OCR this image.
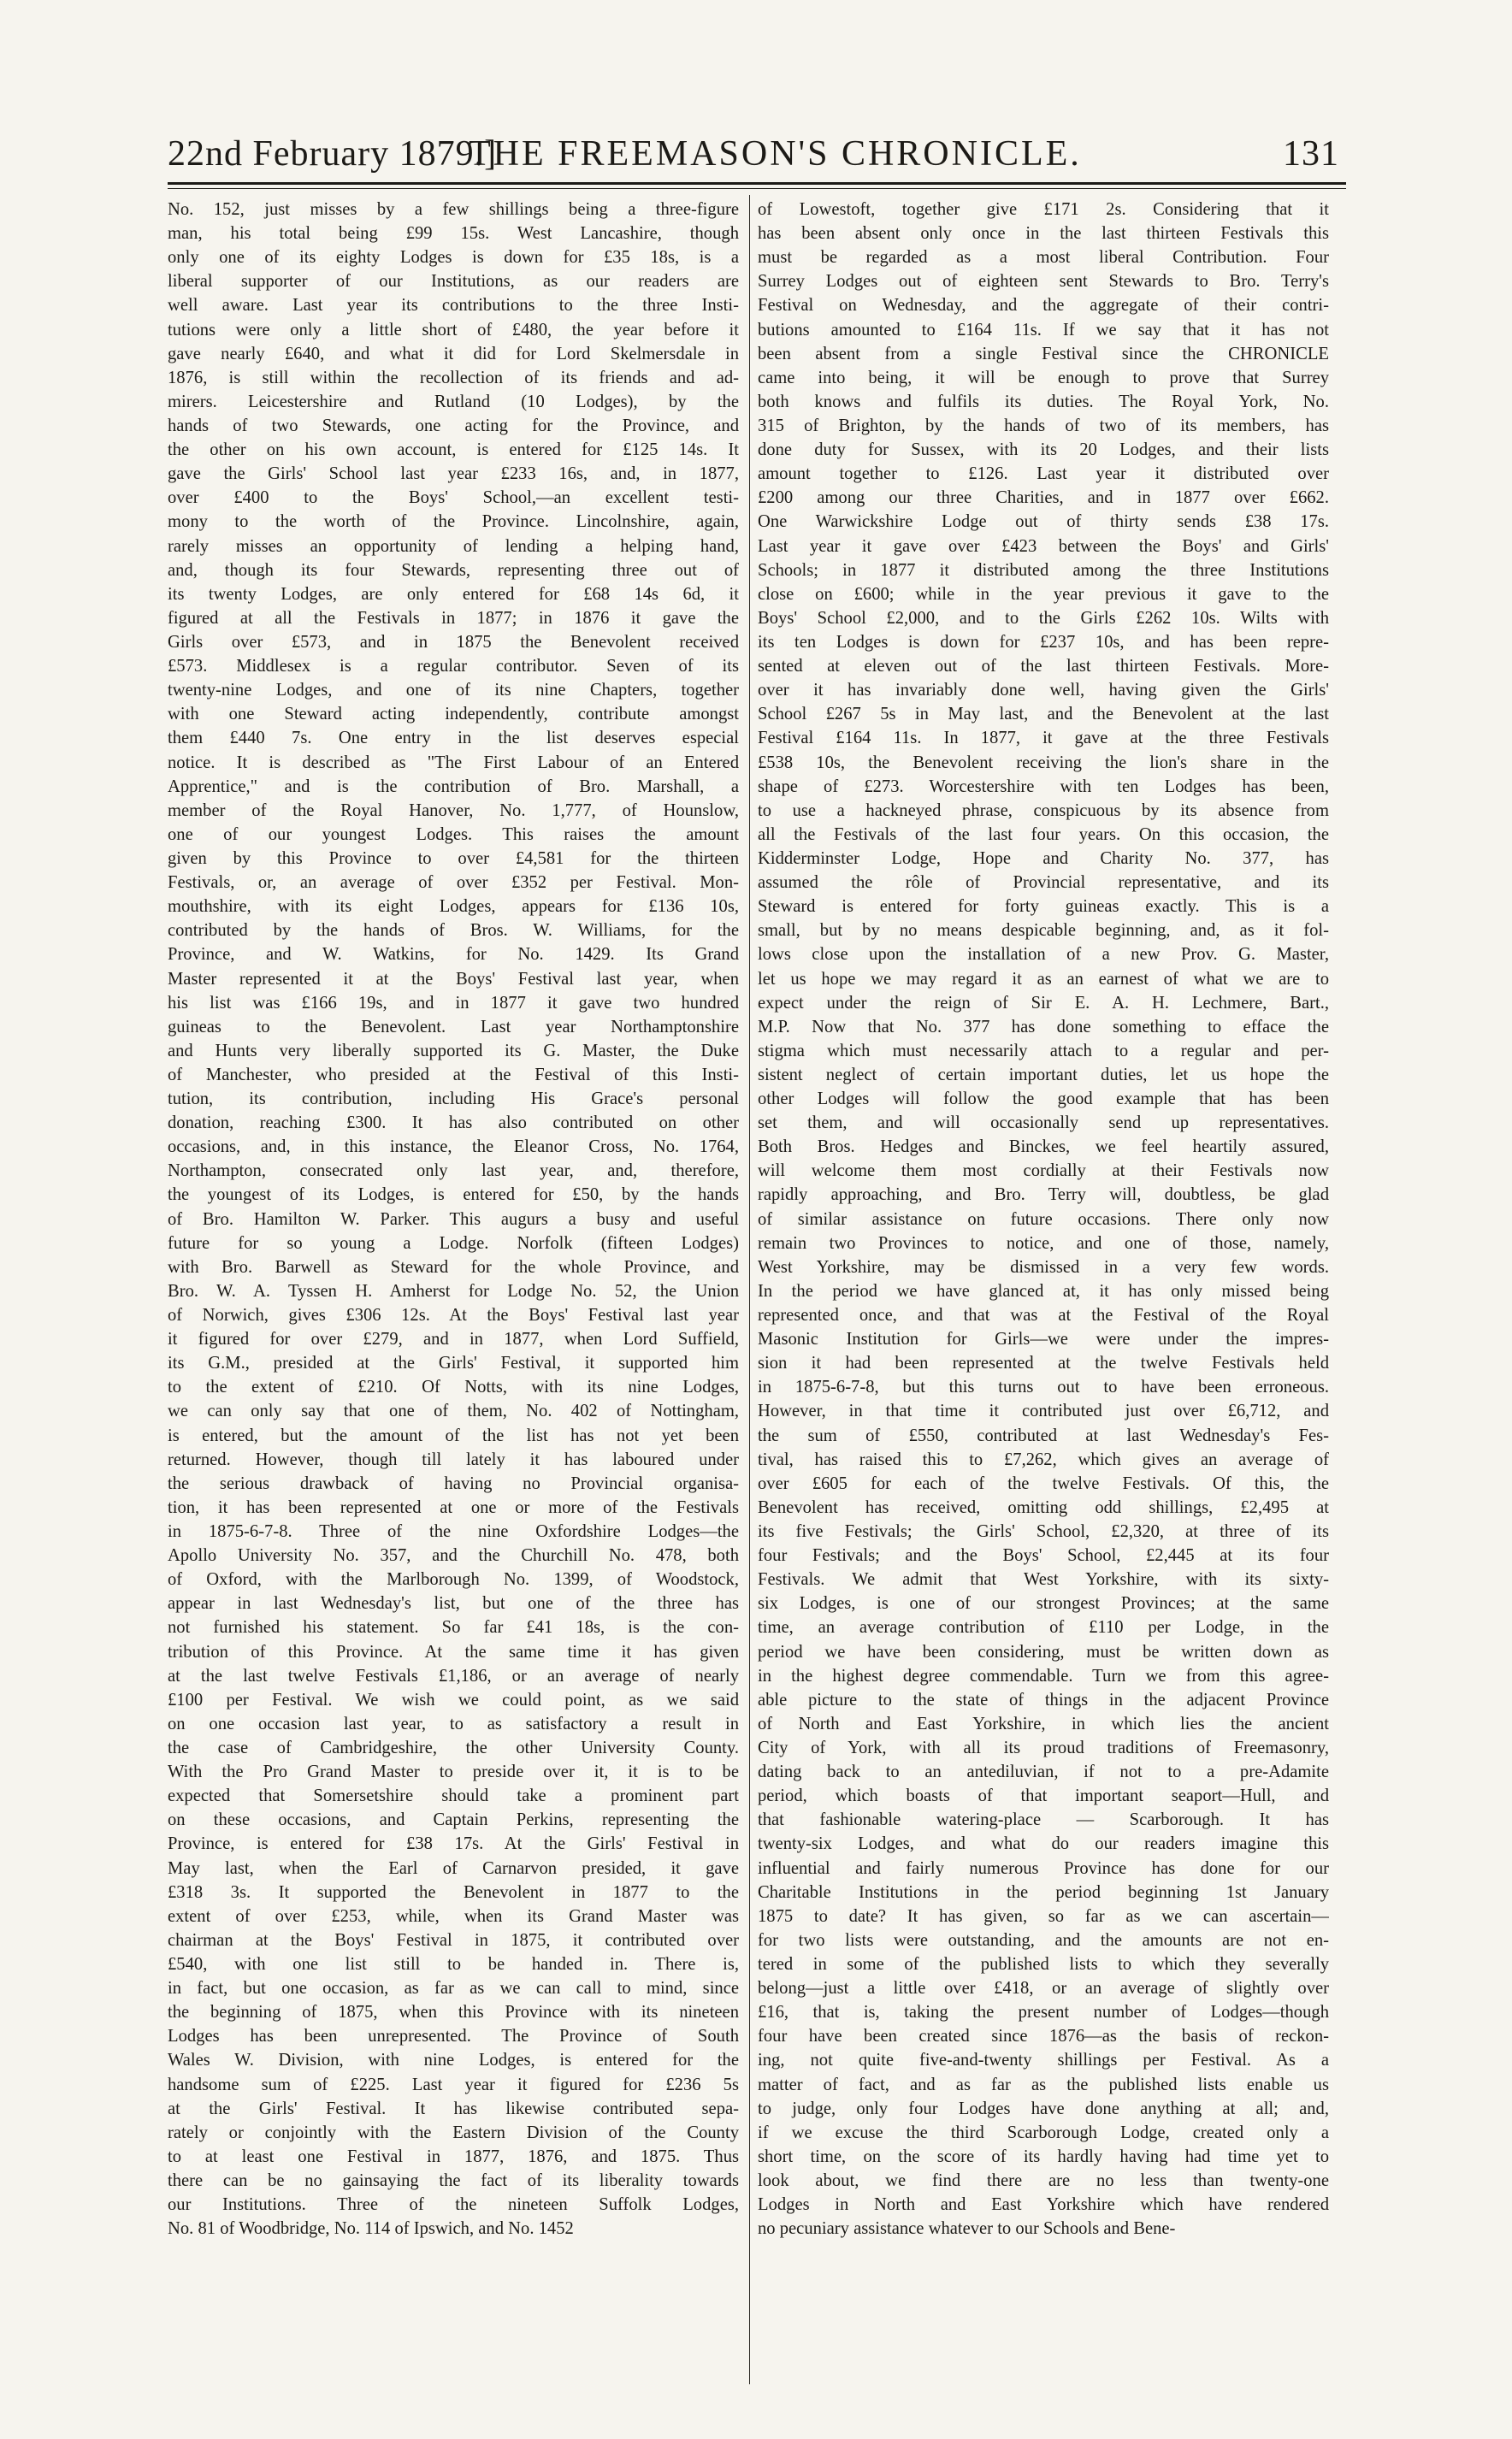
22nd February 1879.]
THE FREEMASON'S CHRONICLE.	131
No. 152, just misses by a few shillings being a three-figure
man, his total being £99 15s. West Lancashire, though
only one of its eighty Lodges is down for £35 18s, is a
liberal supporter of our Institutions, as our readers are
well aware. Last year its contributions to the three Insti-
tutions were only a little short of £480, the year before it
gave nearly £640, and what it did for Lord Skelmersdale in
1876, is still within the recollection of its friends and ad-
mirers. Leicestershire and Rutland (10 Lodges), by the
hands of two Stewards, one acting for the Province, and
the other on his own account, is entered for £125 14s. It
gave the Girls' School last year £233 16s, and, in 1877,
over £400 to the Boys' School,—an excellent testi-
mony to the worth of the Province. Lincolnshire, again,
rarely misses an opportunity of lending a helping hand,
and, though its four Stewards, representing three out of
its twenty Lodges, are only entered for £68 14s 6d, it
figured at all the Festivals in 1877; in 1876 it gave the
Girls over £573, and in 1875 the Benevolent received
£573. Middlesex is a regular contributor. Seven of its
twenty-nine Lodges, and one of its nine Chapters, together
with one Steward acting independently, contribute amongst
them £440 7s. One entry in the list deserves especial
notice. It is described as "The First Labour of an Entered
Apprentice," and is the contribution of Bro. Marshall, a
member of the Royal Hanover, No. 1,777, of Hounslow,
one of our youngest Lodges. This raises the amount
given by this Province to over £4,581 for the thirteen
Festivals, or, an average of over £352 per Festival. Mon-
mouthshire, with its eight Lodges, appears for £136 10s,
contributed by the hands of Bros. W. Williams, for the
Province, and W. Watkins, for No. 1429. Its Grand
Master represented it at the Boys' Festival last year, when
his list was £166 19s, and in 1877 it gave two hundred
guineas to the Benevolent. Last year Northamptonshire
and Hunts very liberally supported its G. Master, the Duke
of Manchester, who presided at the Festival of this Insti-
tution, its contribution, including His Grace's personal
donation, reaching £300. It has also contributed on other
occasions, and, in this instance, the Eleanor Cross, No. 1764,
Northampton, consecrated only last year, and, therefore,
the youngest of its Lodges, is entered for £50, by the hands
of Bro. Hamilton W. Parker. This augurs a busy and useful
future for so young a Lodge. Norfolk (fifteen Lodges)
with Bro. Barwell as Steward for the whole Province, and
Bro. W. A. Tyssen H. Amherst for Lodge No. 52, the Union
of Norwich, gives £306 12s. At the Boys' Festival last year
it figured for over £279, and in 1877, when Lord Suffield,
its G.M., presided at the Girls' Festival, it supported him
to the extent of £210. Of Notts, with its nine Lodges,
we can only say that one of them, No. 402 of Nottingham,
is entered, but the amount of the list has not yet been
returned. However, though till lately it has laboured under
the serious drawback of having no Provincial organisa-
tion, it has been represented at one or more of the Festivals
in 1875-6-7-8. Three of the nine Oxfordshire Lodges—the
Apollo University No. 357, and the Churchill No. 478, both
of Oxford, with the Marlborough No. 1399, of Woodstock,
appear in last Wednesday's list, but one of the three has
not furnished his statement. So far £41 18s, is the con-
tribution of this Province. At the same time it has given
at the last twelve Festivals £1,186, or an average of nearly
£100 per Festival. We wish we could point, as we said
on one occasion last year, to as satisfactory a result in
the case of Cambridgeshire, the other University County.
With the Pro Grand Master to preside over it, it is to be
expected that Somersetshire should take a prominent part
on these occasions, and Captain Perkins, representing the
Province, is entered for £38 17s. At the Girls' Festival in
May last, when the Earl of Carnarvon presided, it gave
£318 3s. It supported the Benevolent in 1877 to the
extent of over £253, while, when its Grand Master was
chairman at the Boys' Festival in 1875, it contributed over
£540, with one list still to be handed in. There is,
in fact, but one occasion, as far as we can call to mind, since
the beginning of 1875, when this Province with its nineteen
Lodges has been unrepresented. The Province of South
Wales W. Division, with nine Lodges, is entered for the
handsome sum of £225. Last year it figured for £236 5s
at the Girls' Festival. It has likewise contributed sepa-
rately or conjointly with the Eastern Division of the County
to at least one Festival in 1877, 1876, and 1875. Thus
there can be no gainsaying the fact of its liberality towards
our Institutions. Three of the nineteen Suffolk Lodges,
No. 81 of Woodbridge, No. 114 of Ipswich, and No. 1452
of Lowestoft, together give £171 2s. Considering that it
has been absent only once in the last thirteen Festivals this
must be regarded as a most liberal Contribution. Four
Surrey Lodges out of eighteen sent Stewards to Bro. Terry's
Festival on Wednesday, and the aggregate of their contri-
butions amounted to £164 11s. If we say that it has not
been absent from a single Festival since the CHRONICLE
came into being, it will be enough to prove that Surrey
both knows and fulfils its duties. The Royal York, No.
315 of Brighton, by the hands of two of its members, has
done duty for Sussex, with its 20 Lodges, and their lists
amount together to £126. Last year it distributed over
£200 among our three Charities, and in 1877 over £662.
One Warwickshire Lodge out of thirty sends £38 17s.
Last year it gave over £423 between the Boys' and Girls'
Schools; in 1877 it distributed among the three Institutions
close on £600; while in the year previous it gave to the
Boys' School £2,000, and to the Girls £262 10s. Wilts with
its ten Lodges is down for £237 10s, and has been repre-
sented at eleven out of the last thirteen Festivals. More-
over it has invariably done well, having given the Girls'
School £267 5s in May last, and the Benevolent at the last
Festival £164 11s. In 1877, it gave at the three Festivals
£538 10s, the Benevolent receiving the lion's share in the
shape of £273. Worcestershire with ten Lodges has been,
to use a hackneyed phrase, conspicuous by its absence from
all the Festivals of the last four years. On this occasion, the
Kidderminster Lodge, Hope and Charity No. 377, has
assumed the rôle of Provincial representative, and its
Steward is entered for forty guineas exactly. This is a
small, but by no means despicable beginning, and, as it fol-
lows close upon the installation of a new Prov. G. Master,
let us hope we may regard it as an earnest of what we are to
expect under the reign of Sir E. A. H. Lechmere, Bart.,
M.P. Now that No. 377 has done something to efface the
stigma which must necessarily attach to a regular and per-
sistent neglect of certain important duties, let us hope the
other Lodges will follow the good example that has been
set them, and will occasionally send up representatives.
Both Bros. Hedges and Binckes, we feel heartily assured,
will welcome them most cordially at their Festivals now
rapidly approaching, and Bro. Terry will, doubtless, be glad
of similar assistance on future occasions. There only now
remain two Provinces to notice, and one of those, namely,
West Yorkshire, may be dismissed in a very few words.
In the period we have glanced at, it has only missed being
represented once, and that was at the Festival of the Royal
Masonic Institution for Girls—we were under the impres-
sion it had been represented at the twelve Festivals held
in 1875-6-7-8, but this turns out to have been erroneous.
However, in that time it contributed just over £6,712, and
the sum of £550, contributed at last Wednesday's Fes-
tival, has raised this to £7,262, which gives an average of
over £605 for each of the twelve Festivals. Of this, the
Benevolent has received, omitting odd shillings, £2,495 at
its five Festivals; the Girls' School, £2,320, at three of its
four Festivals; and the Boys' School, £2,445 at its four
Festivals. We admit that West Yorkshire, with its sixty-
six Lodges, is one of our strongest Provinces; at the same
time, an average contribution of £110 per Lodge, in the
period we have been considering, must be written down as
in the highest degree commendable. Turn we from this agree-
able picture to the state of things in the adjacent Province
of North and East Yorkshire, in which lies the ancient
City of York, with all its proud traditions of Freemasonry,
dating back to an antediluvian, if not to a pre-Adamite
period, which boasts of that important seaport—Hull, and
that fashionable watering-place — Scarborough. It has
twenty-six Lodges, and what do our readers imagine this
influential and fairly numerous Province has done for our
Charitable Institutions in the period beginning 1st January
1875 to date? It has given, so far as we can ascertain—
for two lists were outstanding, and the amounts are not en-
tered in some of the published lists to which they severally
belong—just a little over £418, or an average of slightly over
£16, that is, taking the present number of Lodges—though
four have been created since 1876—as the basis of reckon-
ing, not quite five-and-twenty shillings per Festival. As a
matter of fact, and as far as the published lists enable us
to judge, only four Lodges have done anything at all; and,
if we excuse the third Scarborough Lodge, created only a
short time, on the score of its hardly having had time yet to
look about, we find there are no less than twenty-one
Lodges in North and East Yorkshire which have rendered
no pecuniary assistance whatever to our Schools and Bene-
